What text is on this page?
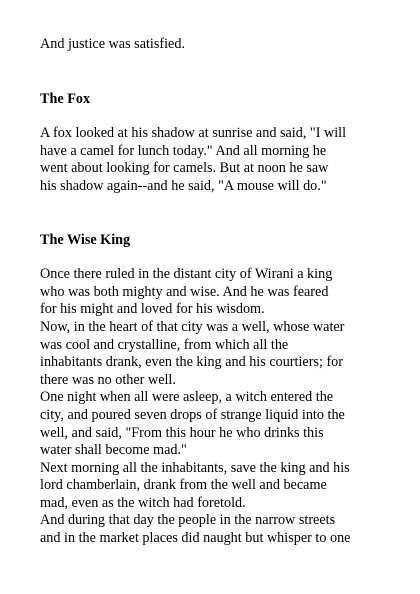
And justice was satisfied.

The Fox

A fox looked at his shadow at sunrise and said, "I will
have a camel for lunch today." And all morning he
went about looking for camels. But at noon he saw
his shadow again--and he said, "A mouse will do."

The Wise King

Once there ruled in the distant city of Wirani a king
who was both mighty and wise. And he was feared
for his might and loved for his wisdom.

Now, in the heart of that city was a well, whose water
was cool and crystalline, from which all the
inhabitants drank, even the king and his courtiers; for
there was no other well.

One night when all were asleep, a witch entered the
city, and poured seven drops of strange liquid into the
well, and said, "From this hour he who drinks this
water shall become mad."

Next morning all the inhabitants, save the king and his
lord chamberlain, drank from the well and became
mad, even as the witch had foretold.

And during that day the people in the narrow streets
and in the market places did naught but whisper to one
